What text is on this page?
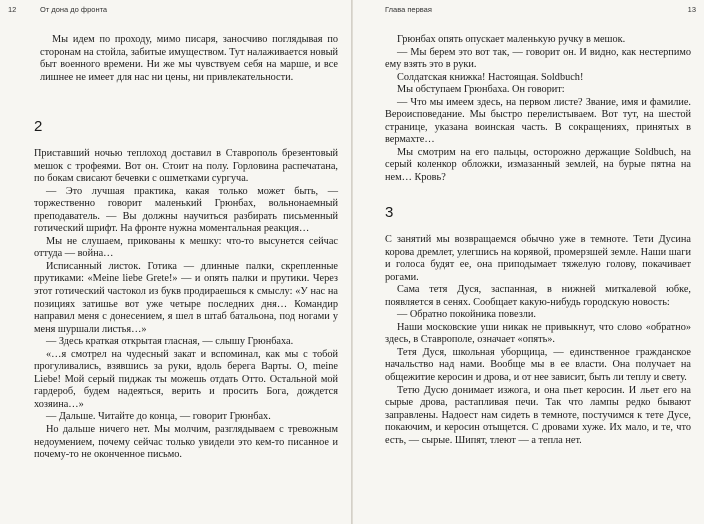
12	От дона до фронта

Мы идем по проходу, мимо писаря, заносчиво поглядывая по сторонам на стойла, забитые имуществом. Тут налаживается новый быт военного времени. Ни же мы чувствуем себя на марше, и все лишнее не имеет для нас ни цены, ни привлекательности.

2

Приставший ночью теплоход доставил в Ставрополь брезентовый мешок с трофеями. Вот он. Стоит на полу. Горловина распечатана, по бокам свисают бечевки с ошметками сургуча.

— Это лучшая практика, какая только может быть, — торжественно говорит маленький Грюнбах, вольнонаемный преподаватель. — Вы должны научиться разбирать письменный готический шрифт. На фронте нужна моментальная реакция…

Мы не слушаем, прикованы к мешку: что-то высунется сейчас оттуда — война…

Исписанный листок. Готика — длинные палки, скрепленные прутиками: «Meine liebe Grete!» — и опять палки и прутики. Через этот готический частокол из букв продираешься к смыслу: «У нас на позициях затишье вот уже четыре последних дня… Командир направил меня с донесением, я шел в штаб батальона, под ногами у меня шуршали листья…»

— Здесь краткая открытая гласная, — слышу Грюнбаха.

«…я смотрел на чудесный закат и вспоминал, как мы с тобой прогуливались, взявшись за руки, вдоль берега Варты. О, meine Liebe! Мой серый пиджак ты можешь отдать Отто. Остальной мой гардероб, будем надеяться, верить и просить Бога, дождется хозяина…»

— Дальше. Читайте до конца, — говорит Грюнбах.

Но дальше ничего нет. Мы молчим, разглядываем с тревожным недоумением, почему сейчас только увидели это кем-то писанное и почему-то не оконченное письмо.

Глава первая	13

Грюнбах опять опускает маленькую ручку в мешок.

— Мы берем это вот так, — говорит он. И видно, как нестерпимо ему взять это в руки.

Солдатская книжка! Настоящая. Soldbuch!

Мы обступаем Грюнбаха. Он говорит:

— Что мы имеем здесь, на первом листе? Звание, имя и фамилие. Вероисповедание. Мы быстро перелистываем. Вот тут, на шестой странице, указана воинская часть. В сокращениях, принятых в вермахте…

Мы смотрим на его пальцы, осторожно держащие Soldbuch, на серый коленкор обложки, измазанный землей, на бурые пятна на нем… Кровь?

3

С занятий мы возвращаемся обычно уже в темноте. Тети Дусина корова дремлет, улегшись на корявой, промерзшей земле. Наши шаги и голоса будят ее, она приподымает тяжелую голову, покачивает рогами.

Сама тетя Дуся, заспанная, в нижней миткалевой юбке, появляется в сенях. Сообщает какую-нибудь городскую новость:

— Обратно покойника повезли.

Наши московские уши никак не привыкнут, что слово «обратно» здесь, в Ставрополе, означает «опять».

Тетя Дуся, школьная уборщица, — единственное гражданское начальство над нами. Вообще мы в ее власти. Она получает на общежитие керосин и дрова, и от нее зависит, быть ли теплу и свету.

Тетю Дусю донимает изжога, и она пьет керосин. И льет его на сырые дрова, растапливая печи. Так что лампы редко бывают заправлены. Надоест нам сидеть в темноте, постучимся к тете Дусе, покаючим, и керосин отыщется. С дровами хуже. Их мало, и те, что есть, — сырые. Шипят, тлеют — а тепла нет.
